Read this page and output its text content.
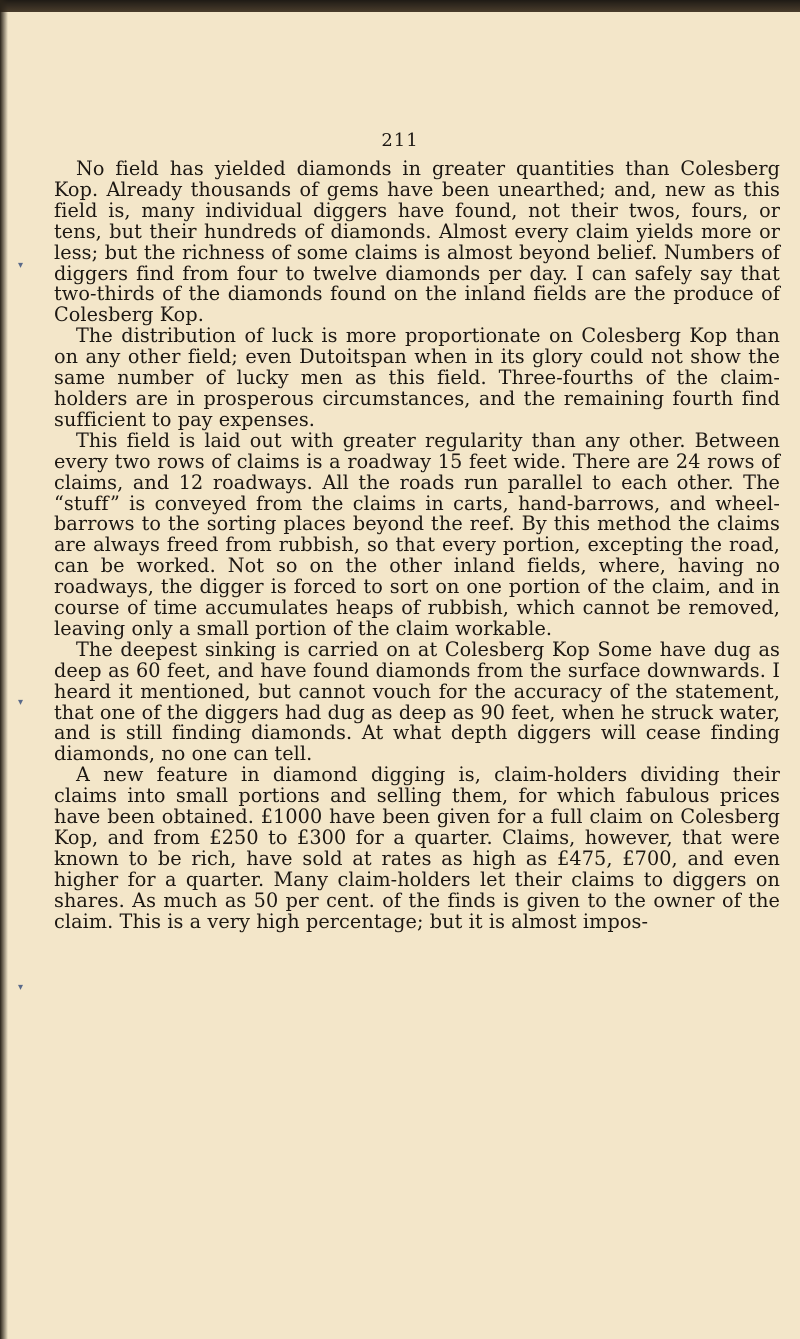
211
▾
▾
▾

No field has yielded diamonds in greater quantities than Colesberg Kop. Already thousands of gems have been unearthed; and, new as this field is, many individual diggers have found, not their twos, fours, or tens, but their hundreds of diamonds. Almost every claim yields more or less; but the richness of some claims is almost beyond belief. Numbers of diggers find from four to twelve diamonds per day. I can safely say that two-thirds of the diamonds found on the inland fields are the produce of Colesberg Kop.

The distribution of luck is more proportionate on Colesberg Kop than on any other field; even Dutoitspan when in its glory could not show the same number of lucky men as this field. Three-fourths of the claim-holders are in prosperous circumstances, and the remaining fourth find sufficient to pay expenses.

This field is laid out with greater regularity than any other. Between every two rows of claims is a roadway 15 feet wide. There are 24 rows of claims, and 12 roadways. All the roads run parallel to each other. The “stuff” is conveyed from the claims in carts, hand-barrows, and wheel-barrows to the sorting places beyond the reef. By this method the claims are always freed from rubbish, so that every portion, excepting the road, can be worked. Not so on the other inland fields, where, having no roadways, the digger is forced to sort on one portion of the claim, and in course of time accumulates heaps of rubbish, which cannot be removed, leaving only a small portion of the claim workable.

The deepest sinking is carried on at Colesberg Kop Some have dug as deep as 60 feet, and have found diamonds from the surface downwards. I heard it mentioned, but cannot vouch for the accuracy of the statement, that one of the diggers had dug as deep as 90 feet, when he struck water, and is still finding diamonds. At what depth diggers will cease finding diamonds, no one can tell.

A new feature in diamond digging is, claim-holders dividing their claims into small portions and selling them, for which fabulous prices have been obtained. £1000 have been given for a full claim on Colesberg Kop, and from £250 to £300 for a quarter. Claims, however, that were known to be rich, have sold at rates as high as £475, £700, and even higher for a quarter. Many claim-holders let their claims to diggers on shares. As much as 50 per cent. of the finds is given to the owner of the claim. This is a very high percentage; but it is almost impos-
